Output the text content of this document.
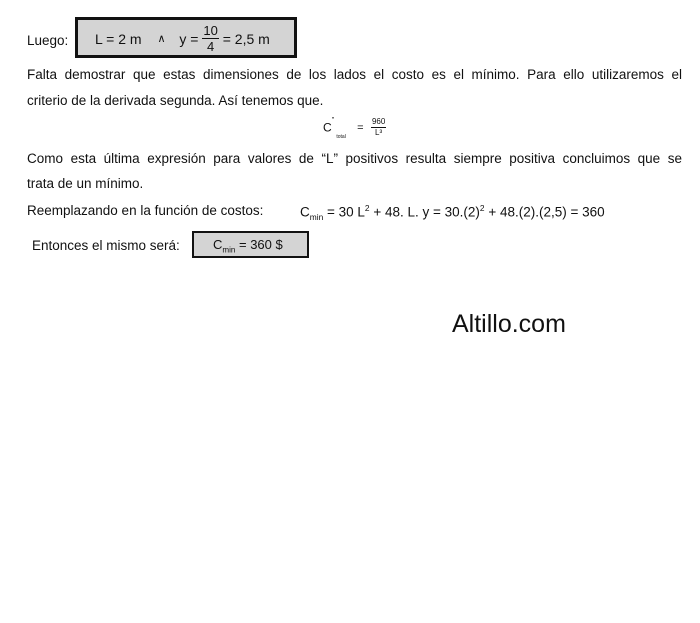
Luego: L = 2 m ∧ $y = \frac{10}{4} = 2,5$ m
Falta demostrar que estas dimensiones de los lados el costo es el mínimo. Para ello utilizaremos el
criterio de la derivada segunda. Así tenemos que.
$C''_{total} = \frac{960}{\text{L³}}$
Como esta última expresión para valores de “L” positivos resulta siempre positiva concluimos que se
trata de un mínimo.
Reemplazando en la función de costos:	$C_{min} = 30$ $L^2 + 48$. L. $y = 30.(2)^2 + 48.(2).(2,5) = 360$
Entonces el mismo será:	$C_{min} = 360$ $
Altillo.com
